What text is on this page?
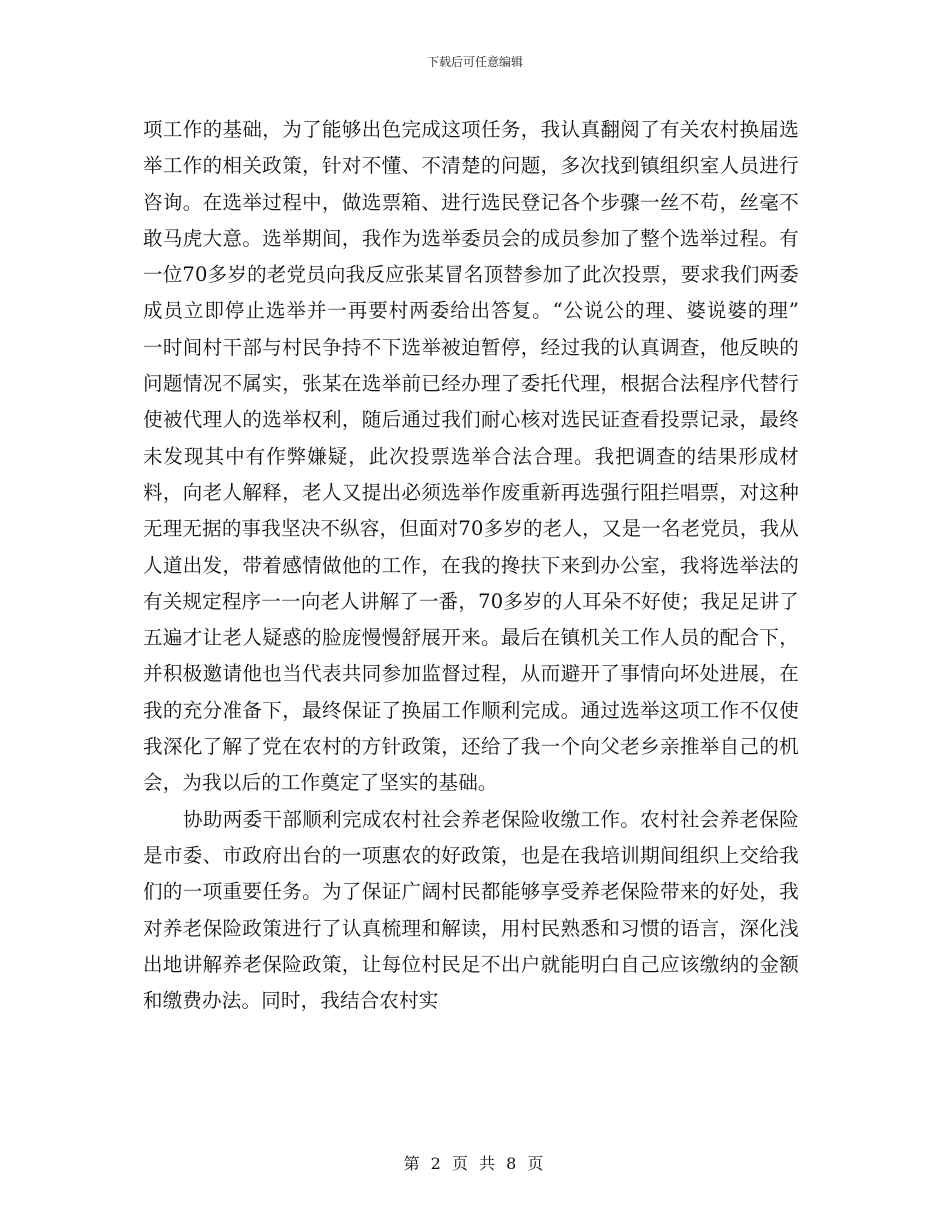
下载后可任意编辑

项工作的基础，为了能够出色完成这项任务，我认真翻阅了有关农村换届选举工作的相关政策，针对不懂、不清楚的问题，多次找到镇组织室人员进行咨询。在选举过程中，做选票箱、进行选民登记各个步骤一丝不苟，丝毫不敢马虎大意。选举期间，我作为选举委员会的成员参加了整个选举过程。有一位70多岁的老党员向我反应张某冒名顶替参加了此次投票，要求我们两委成员立即停止选举并一再要村两委给出答复。“公说公的理、婆说婆的理” 一时间村干部与村民争持不下选举被迫暂停，经过我的认真调查，他反映的问题情况不属实，张某在选举前已经办理了委托代理，根据合法程序代替行使被代理人的选举权利，随后通过我们耐心核对选民证查看投票记录，最终未发现其中有作弊嫌疑，此次投票选举合法合理。我把调查的结果形成材料，向老人解释，老人又提出必须选举作废重新再选强行阻拦唱票，对这种无理无据的事我坚决不纵容，但面对70多岁的老人，又是一名老党员，我从人道出发，带着感情做他的工作，在我的搀扶下来到办公室，我将选举法的有关规定程序一一向老人讲解了一番，70多岁的人耳朵不好使；我足足讲了五遍才让老人疑惑的脸庞慢慢舒展开来。最后在镇机关工作人员的配合下，并积极邀请他也当代表共同参加监督过程，从而避开了事情向坏处进展，在我的充分准备下，最终保证了换届工作顺利完成。通过选举这项工作不仅使我深化了解了党在农村的方针政策，还给了我一个向父老乡亲推举自己的机会，为我以后的工作奠定了坚实的基础。

协助两委干部顺利完成农村社会养老保险收缴工作。农村社会养老保险是市委、市政府出台的一项惠农的好政策，也是在我培训期间组织上交给我们的一项重要任务。为了保证广阔村民都能够享受养老保险带来的好处，我对养老保险政策进行了认真梳理和解读，用村民熟悉和习惯的语言，深化浅出地讲解养老保险政策，让每位村民足不出户就能明白自己应该缴纳的金额和缴费办法。同时，我结合农村实

第 2 页 共 8 页
